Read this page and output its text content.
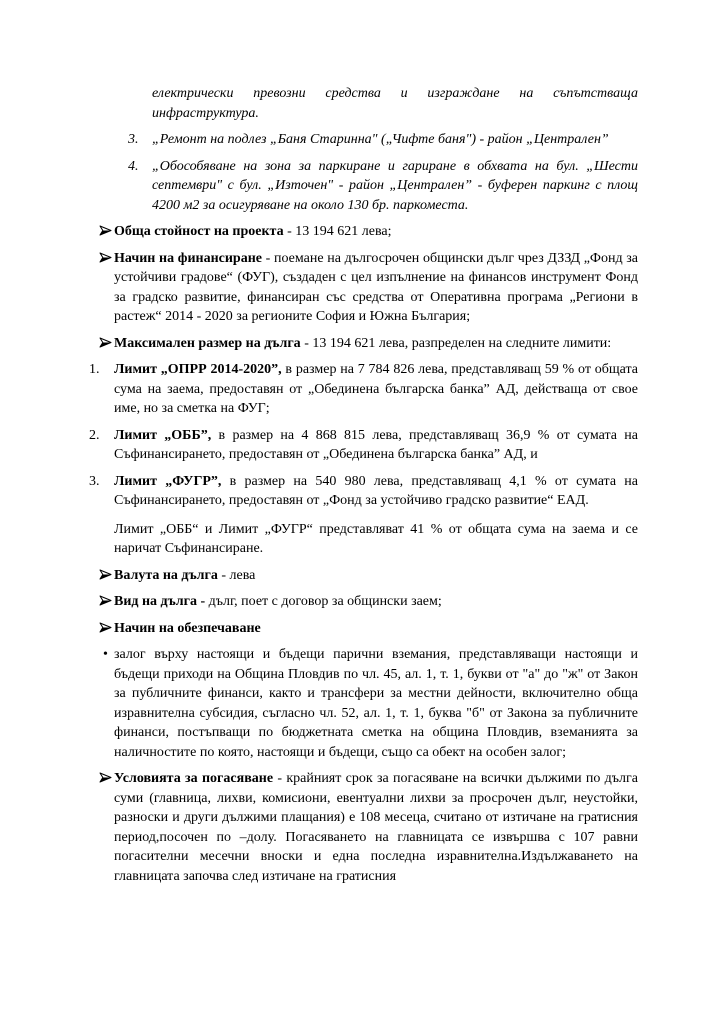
електрически превозни средства и изграждане на съпътстваща инфраструктура.
3. „Ремонт на подлез „Баня Старинна" („Чифте баня") - район „Централен”
4. „Обособяване на зона за паркиране и гариране в обхвата на бул. „Шести септември" с бул. „Източен" - район „Централен” - буферен паркинг с площ 4200 м2 за осигуряване на около 130 бр. паркоместа.
Обща стойност на проекта - 13 194 621 лева;
Начин на финансиране - поемане на дългосрочен общински дълг чрез ДЗЗД „Фонд за устойчиви градове“ (ФУГ), създаден с цел изпълнение на финансов инструмент Фонд за градско развитие, финансиран със средства от Оперативна програма „Региони в растеж“ 2014 - 2020 за регионите София и Южна България;
Максимален размер на дълга - 13 194 621 лева, разпределен на следните лимити:
1. Лимит „ОПРР 2014-2020”, в размер на 7 784 826 лева, представляващ 59 % от общата сума на заема, предоставян от „Обединена българска банка” АД, действаща от свое име, но за сметка на ФУГ;
2. Лимит „ОББ”, в размер на 4 868 815 лева, представляващ 36,9 % от сумата на Съфинансирането, предоставян от „Обединена българска банка” АД, и
3. Лимит „ФУГР”, в размер на 540 980 лева, представляващ 4,1 % от сумата на Съфинансирането, предоставян от „Фонд за устойчиво градско развитие“ ЕАД.
Лимит „ОББ“ и Лимит „ФУГР“ представляват 41 % от общата сума на заема и се наричат Съфинансиране.
Валута на дълга - лева
Вид на дълга - дълг, поет с договор за общински заем;
Начин на обезпечаване
• залог върху настоящи и бъдещи парични вземания, представляващи настоящи и бъдещи приходи на Община Пловдив по чл. 45, ал. 1, т. 1, букви от "а" до "ж" от Закон за публичните финанси, както и трансфери за местни дейности, включително обща изравнителна субсидия, съгласно чл. 52, ал. 1, т. 1, буква "б" от Закона за публичните финанси, постъпващи по бюджетната сметка на община Пловдив, вземанията за наличностите по която, настоящи и бъдещи, също са обект на особен залог;
Условията за погасяване - крайният срок за погасяване на всички дължими по дълга суми (главница, лихви, комисиони, евентуални лихви за просрочен дълг, неустойки, разноски и други дължими плащания) е 108 месеца, считано от изтичане на гратисния период,посочен по –долу. Погасяването на главницата се извършва с 107 равни погасителни месечни вноски и една последна изравнителна.Издължаването на главницата започва след изтичане на гратисния
